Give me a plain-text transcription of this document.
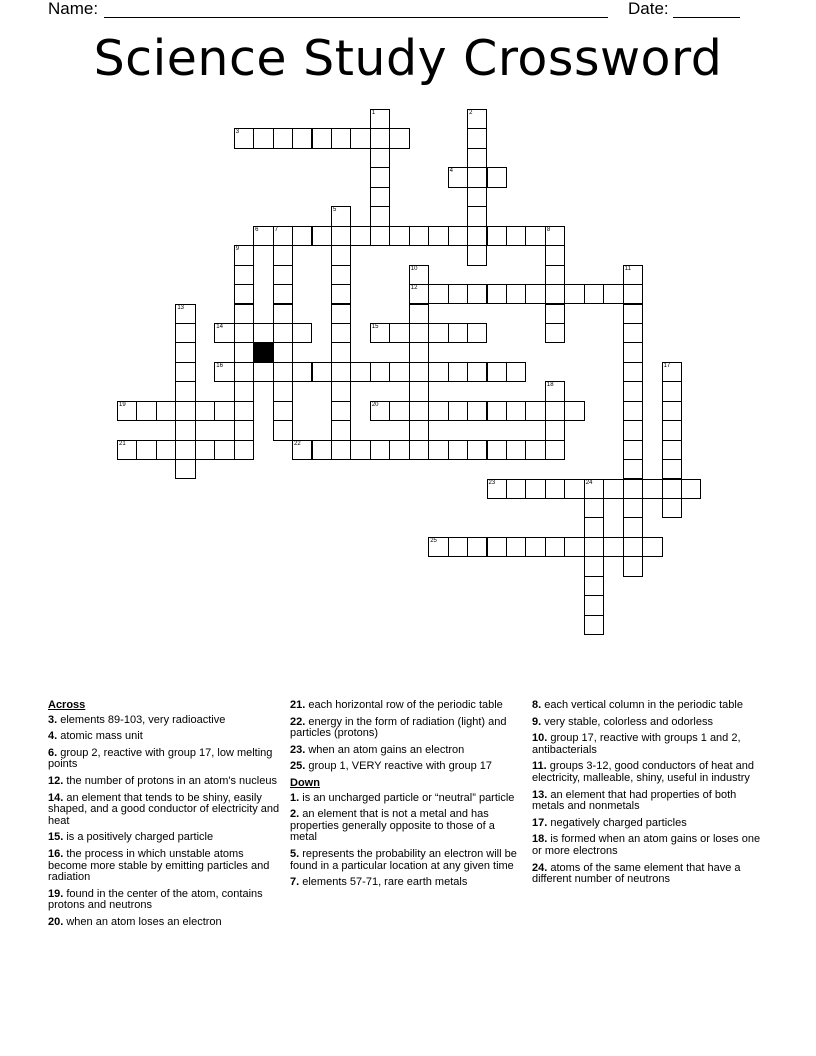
Name:	Date:
Science Study Crossword
3
4
6	7
12
14	15
16
19	20
21	22
23	24
25
1	2
5
8
9
10	11
13
17
18
Across
3. elements 89-103, very radioactive
4. atomic mass unit
6. group 2, reactive with group 17, low melting points
12. the number of protons in an atom's nucleus
14. an element that tends to be shiny, easily shaped, and a good conductor of electricity and heat
15. is a positively charged particle
16. the process in which unstable atoms become more stable by emitting particles and radiation
19. found in the center of the atom, contains protons and neutrons
20. when an atom loses an electron
21. each horizontal row of the periodic table
22. energy in the form of radiation (light) and particles (protons)
23. when an atom gains an electron
25. group 1, VERY reactive with group 17
Down
1. is an uncharged particle or “neutral” particle
2. an element that is not a metal and has properties generally opposite to those of a metal
5. represents the probability an electron will be found in a particular location at any given time
7. elements 57-71, rare earth metals
8. each vertical column in the periodic table
9. very stable, colorless and odorless
10. group 17, reactive with groups 1 and 2, antibacterials
11. groups 3-12, good conductors of heat and electricity, malleable, shiny, useful in industry
13. an element that had properties of both metals and nonmetals
17. negatively charged particles
18. is formed when an atom gains or loses one or more electrons
24. atoms of the same element that have a different number of neutrons
